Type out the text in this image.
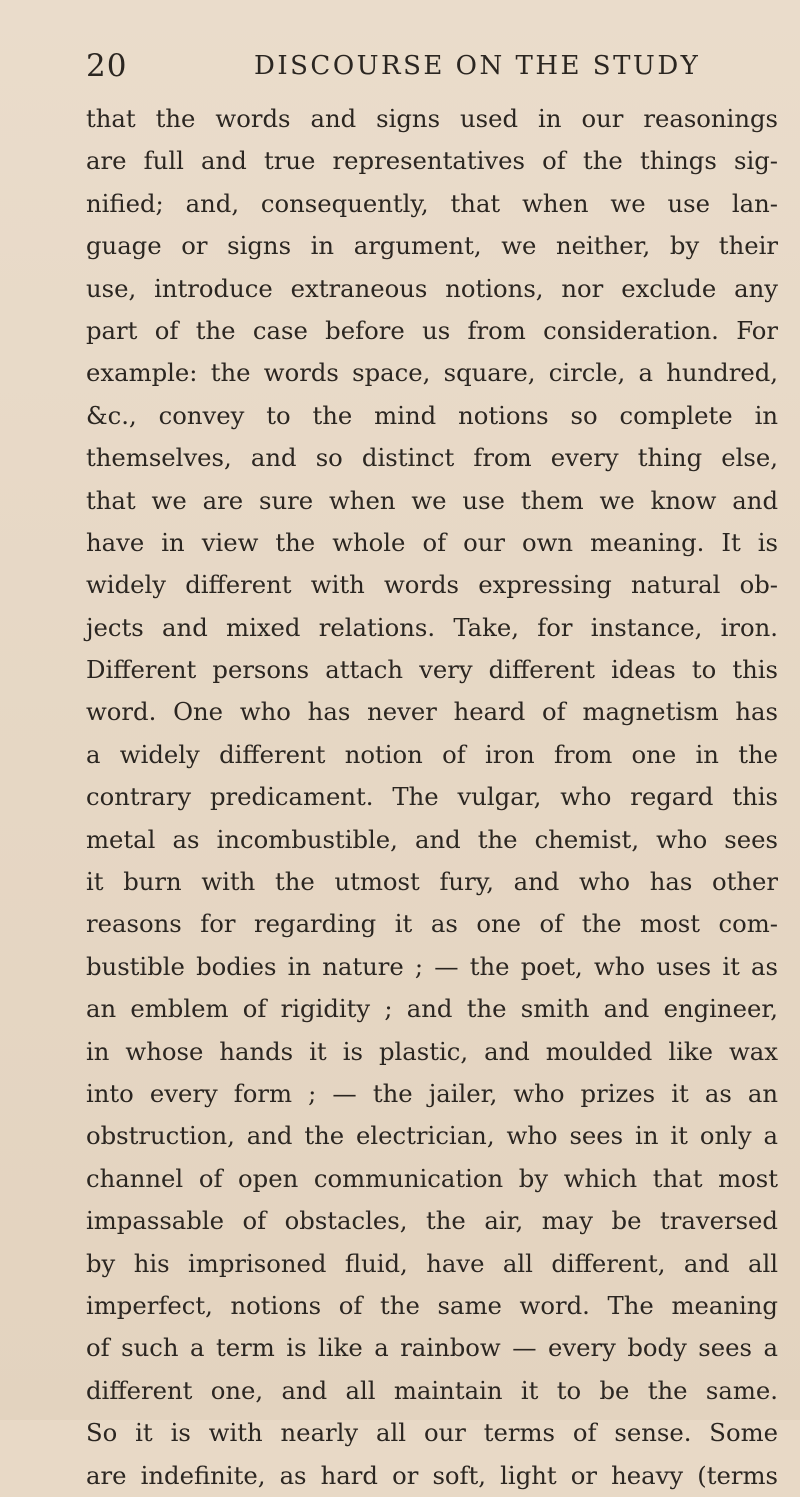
20	DISCOURSE ON THE STUDY
that the words and signs used in our reasonings
are full and true representatives of the things sig-
nified; and, consequently, that when we use lan-
guage or signs in argument, we neither, by their
use, introduce extraneous notions, nor exclude any
part of the case before us from consideration. For
example: the words space, square, circle, a hundred,
&c., convey to the mind notions so complete in
themselves, and so distinct from every thing else,
that we are sure when we use them we know and
have in view the whole of our own meaning. It is
widely different with words expressing natural ob-
jects and mixed relations. Take, for instance, iron.
Different persons attach very different ideas to this
word. One who has never heard of magnetism has
a widely different notion of iron from one in the
contrary predicament. The vulgar, who regard this
metal as incombustible, and the chemist, who sees
it burn with the utmost fury, and who has other
reasons for regarding it as one of the most com-
bustible bodies in nature ; — the poet, who uses it as
an emblem of rigidity ; and the smith and engineer,
in whose hands it is plastic, and moulded like wax
into every form ; — the jailer, who prizes it as an
obstruction, and the electrician, who sees in it only a
channel of open communication by which that most
impassable of obstacles, the air, may be traversed
by his imprisoned fluid, have all different, and all
imperfect, notions of the same word. The meaning
of such a term is like a rainbow — every body sees a
different one, and all maintain it to be the same.
So it is with nearly all our terms of sense. Some
are indefinite, as hard or soft, light or heavy (terms
